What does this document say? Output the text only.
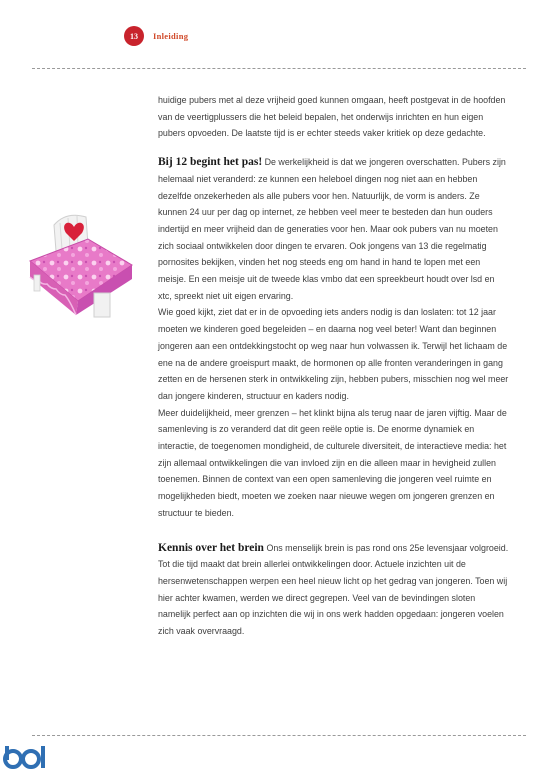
13	Inleiding

huidige pubers met al deze vrijheid goed kunnen omgaan, heeft postgevat in de hoofden van de veertigplussers die het beleid bepalen, het onderwijs inrichten en hun eigen pubers opvoeden. De laatste tijd is er echter steeds vaker kritiek op deze gedachte.

Bij 12 begint het pas! De werkelijkheid is dat we jongeren overschatten. Pubers zijn helemaal niet veranderd: ze kunnen een heleboel dingen nog niet aan en hebben dezelfde onzekerheden als alle pubers voor hen. Natuurlijk, de vorm is anders. Ze kunnen 24 uur per dag op internet, ze hebben veel meer te besteden dan hun ouders indertijd en meer vrijheid dan de generaties voor hen. Maar ook pubers van nu moeten zich sociaal ontwikkelen door dingen te ervaren. Ook jongens van 13 die regelmatig pornosites bekijken, vinden het nog steeds eng om hand in hand te lopen met een meisje. En een meisje uit de tweede klas vmbo dat een spreekbeurt houdt over lsd en xtc, spreekt niet uit eigen ervaring.

Wie goed kijkt, ziet dat er in de opvoeding iets anders nodig is dan loslaten: tot 12 jaar moeten we kinderen goed begeleiden – en daarna nog veel beter! Want dan beginnen jongeren aan een ontdekkingstocht op weg naar hun volwassen ik. Terwijl het lichaam de ene na de andere groeispurt maakt, de hormonen op alle fronten veranderingen in gang zetten en de hersenen sterk in ontwikkeling zijn, hebben pubers, misschien nog wel meer dan jongere kinderen, structuur en kaders nodig.

Meer duidelijkheid, meer grenzen – het klinkt bijna als terug naar de jaren vijftig. Maar de samenleving is zo veranderd dat dit geen reële optie is. De enorme dynamiek en interactie, de toegenomen mondigheid, de culturele diversiteit, de interactieve media: het zijn allemaal ontwikkelingen die van invloed zijn en die alleen maar in hevigheid zullen toenemen. Binnen de context van een open samenleving die jongeren veel ruimte en mogelijkheden biedt, moeten we zoeken naar nieuwe wegen om jongeren grenzen en structuur te bieden.

Kennis over het brein Ons menselijk brein is pas rond ons 25e levensjaar volgroeid. Tot die tijd maakt dat brein allerlei ontwikkelingen door. Actuele inzichten uit de hersenwetenschappen werpen een heel nieuw licht op het gedrag van jongeren. Toen wij hier achter kwamen, werden we direct gegrepen. Veel van de bevindingen sloten namelijk perfect aan op inzichten die wij in ons werk hadden opgedaan: jongeren voelen zich vaak overvraagd.
